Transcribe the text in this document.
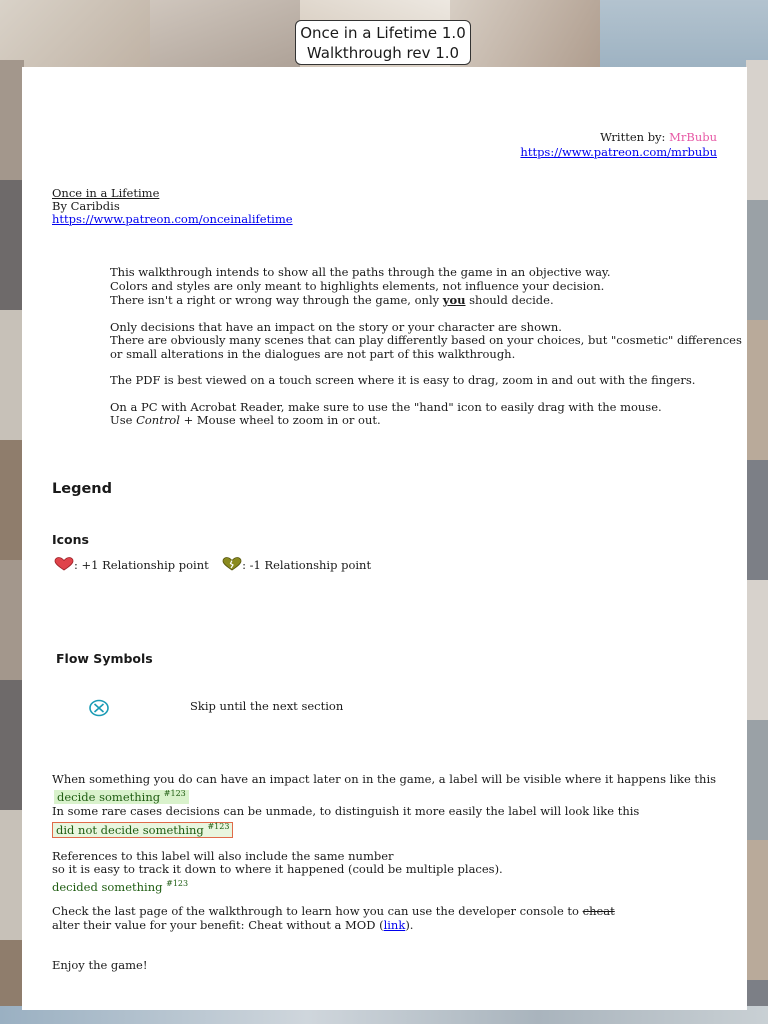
Once in a Lifetime 1.0
Walkthrough rev 1.0
Written by: MrBubu
https://www.patreon.com/mrbubu
Once in a Lifetime
By Caribdis
https://www.patreon.com/onceinalifetime
This walkthrough intends to show all the paths through the game in an objective way.
Colors and styles are only meant to highlights elements, not influence your decision.
There isn't a right or wrong way through the game, only you should decide.
Only decisions that have an impact on the story or your character are shown.
There are obviously many scenes that can play differently based on your choices, but "cosmetic" differences
or small alterations in the dialogues are not part of this walkthrough.
The PDF is best viewed on a touch screen where it is easy to drag, zoom in and out with the fingers.
On a PC with Acrobat Reader, make sure to use the "hand" icon to easily drag with the mouse.
Use Control + Mouse wheel to zoom in or out.
Legend
Icons
: +1 Relationship point	: -1 Relationship point
Flow Symbols
Skip until the next section
When something you do can have an impact later on in the game, a label will be visible where it happens like this
decide something $^{\#123}$
In some rare cases decisions can be unmade, to distinguish it more easily the label will look like this
did not decide something $^{\#123}$
References to this label will also include the same number
so it is easy to track it down to where it happened (could be multiple places).
decided something $^{\#123}$
Check the last page of the walkthrough to learn how you can use the developer console to cheat
alter their value for your benefit: Cheat without a MOD (link).
Enjoy the game!
